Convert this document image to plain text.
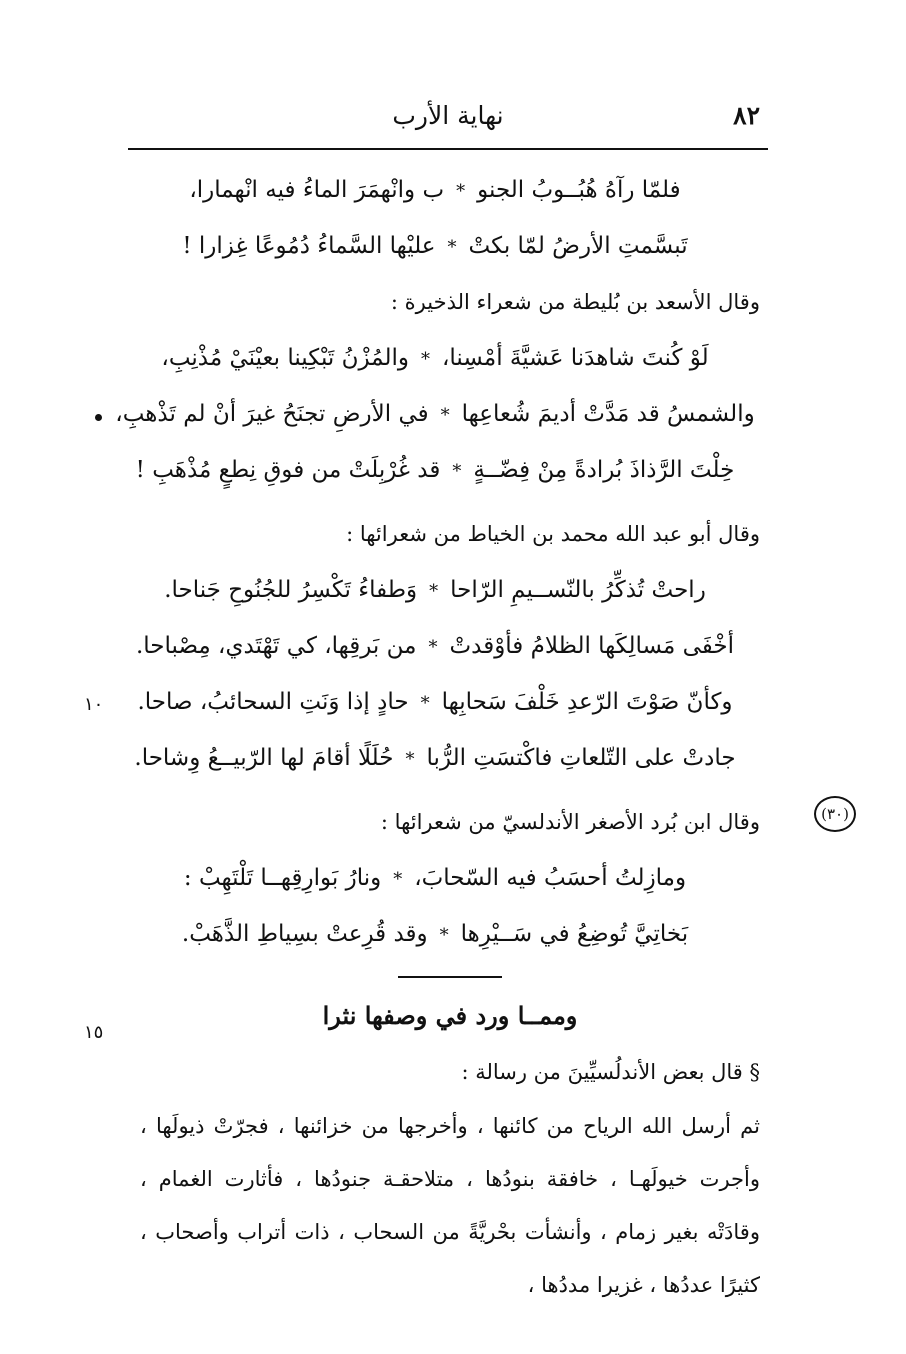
نهاية الأرب	٨٢
١٠
١٥
(٣٠)
فلمّا رآهُ هُبُــوبُ الجنو
*
ب وانْهمَرَ الماءُ فيه انْهمارا،
تَبسَّمتِ الأرضُ لمّا بكتْ
*
عليْها السَّماءُ دُمُوعًا غِزارا !
وقال الأسعد بن بُليطة من شعراء الذخيرة :
لَوْ كُنتَ شاهدَنا عَشيَّةَ أمْسِنا،
*
والمُزْنُ تَبْكِينا بعيْنَيْ مُذْنِبِ،
والشمسُ قد مَدَّتْ أديمَ شُعاعِها
*
في الأرضِ تجنَحُ غيرَ أنْ لم تَذْهبِ،
خِلْتَ الرَّذاذَ بُرادةً مِنْ فِضّــةٍ
*
قد غُرْبِلَتْ من فوقِ نِطعٍ مُذْهَبِ !
وقال أبو عبد الله محمد بن الخياط من شعرائها :
راحتْ تُذكِّرُ بالنّســيمِ الرّاحا
*
وَطفاءُ تَكْسِرُ للجُنُوحِ جَناحا.
أخْفَى مَسالِكَها الظلامُ فأوْقدتْ
*
من بَرقِها، كي تَهْتَدي، مِصْباحا.
وكأنّ صَوْتَ الرّعدِ خَلْفَ سَحابِها
*
حادٍ إذا وَنَتِ السحائبُ، صاحا.
جادتْ على التّلعاتِ فاكْتسَتِ الرُّبا
*
حُلَلًا أقامَ لها الرّبيــعُ وِشاحا.
وقال ابن بُرد الأصغر الأندلسيّ من شعرائها :
ومازِلتُ أحسَبُ فيه السّحابَ،
*
ونارُ بَوارِقِهــا تَلْتَهِبْ :
بَخاتِيَّ تُوضِعُ في سَــيْرِها
*
وقد قُرِعتْ بسِياطِ الذَّهَبْ.
وممــا ورد في وصفها نثرا
§ قال بعض الأندلُسيِّينَ من رسالة :

ثم أرسل الله الرياح من كائنها ، وأخرجها من خزائنها ، فجرّتْ ذيولَها ، وأجرت خيولَهـا ، خافقة بنودُها ، متلاحقـة جنودُها ، فأثارت الغمام ، وقادَتْه بغير زمام ، وأنشأت بحْريَّةً من السحاب ، ذات أتراب وأصحاب ، كثيرًا عددُها ، غزيرا مددُها ،
